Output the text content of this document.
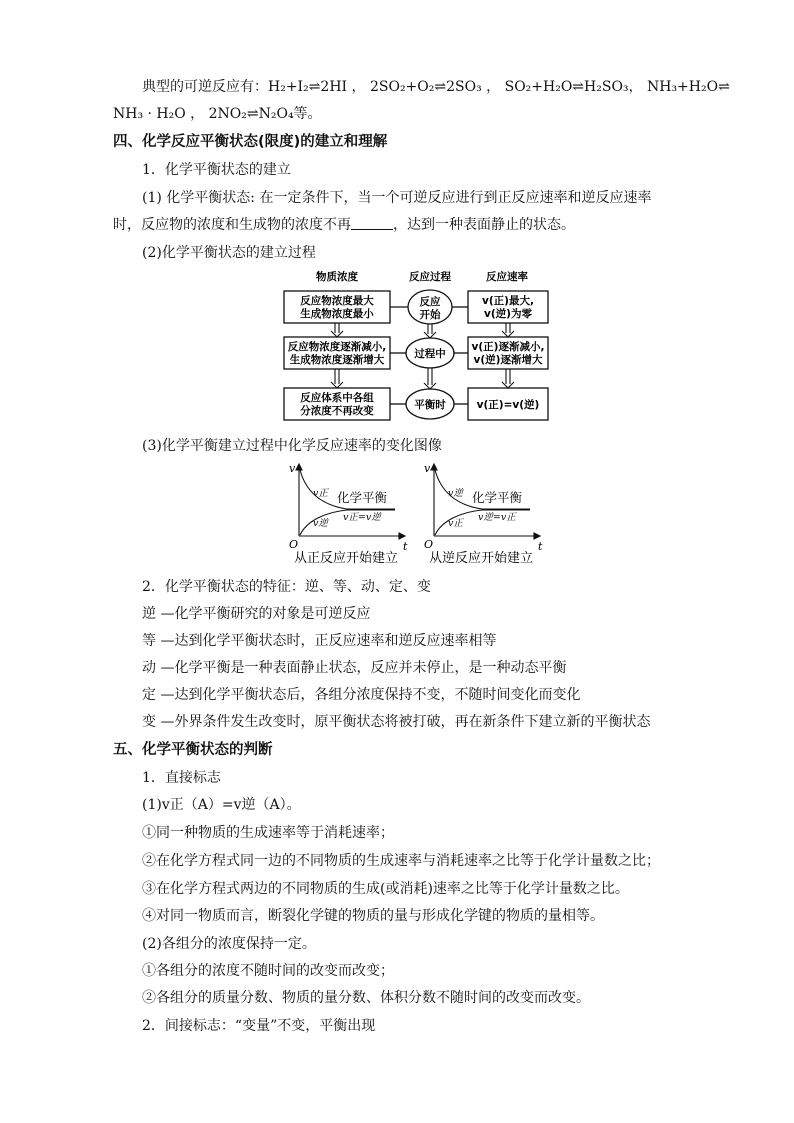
典型的可逆反应有：H₂+I₂⇌2HI ， 2SO₂+O₂⇌2SO₃ ， SO₂+H₂O⇌H₂SO₃， NH₃+H₂O⇌
NH₃ · H₂O ， 2NO₂⇌N₂O₄等。
四、化学反应平衡状态(限度)的建立和理解
1．化学平衡状态的建立
(1) 化学平衡状态: 在一定条件下，当一个可逆反应进行到正反应速率和逆反应速率
时，反应物的浓度和生成物的浓度不再	，达到一种表面静止的状态。
(2)化学平衡状态的建立过程
物质浓度	反应过程	反应速率
反应物浓度最大
生成物浓度最小
反应物浓度逐渐减小,
生成物浓度逐渐增大
反应体系中各组
分浓度不再改变
反应
开始
过程中
平衡时
v(正)最大,
v(逆)为零
v(正)逐渐减小,
v(逆)逐渐增大
v(正)=v(逆)
(3)化学平衡建立过程中化学反应速率的变化图像
v
t
O
v正
v逆
化学平衡
v正=v逆
从正反应开始建立
v
t
O
v逆
v正
化学平衡
v逆=v正
从逆反应开始建立
2．化学平衡状态的特征：逆、等、动、定、变
逆 —化学平衡研究的对象是可逆反应
等 —达到化学平衡状态时，正反应速率和逆反应速率相等
动 —化学平衡是一种表面静止状态，反应并未停止，是一种动态平衡
定 —达到化学平衡状态后，各组分浓度保持不变，不随时间变化而变化
变 —外界条件发生改变时，原平衡状态将被打破，再在新条件下建立新的平衡状态
五、化学平衡状态的判断
1．直接标志
(1)v正（A）=v逆（A）。
①同一种物质的生成速率等于消耗速率；
②在化学方程式同一边的不同物质的生成速率与消耗速率之比等于化学计量数之比；
③在化学方程式两边的不同物质的生成(或消耗)速率之比等于化学计量数之比。
④对同一物质而言，断裂化学键的物质的量与形成化学键的物质的量相等。
(2)各组分的浓度保持一定。
①各组分的浓度不随时间的改变而改变；
②各组分的质量分数、物质的量分数、体积分数不随时间的改变而改变。
2．间接标志：“变量”不变，平衡出现
